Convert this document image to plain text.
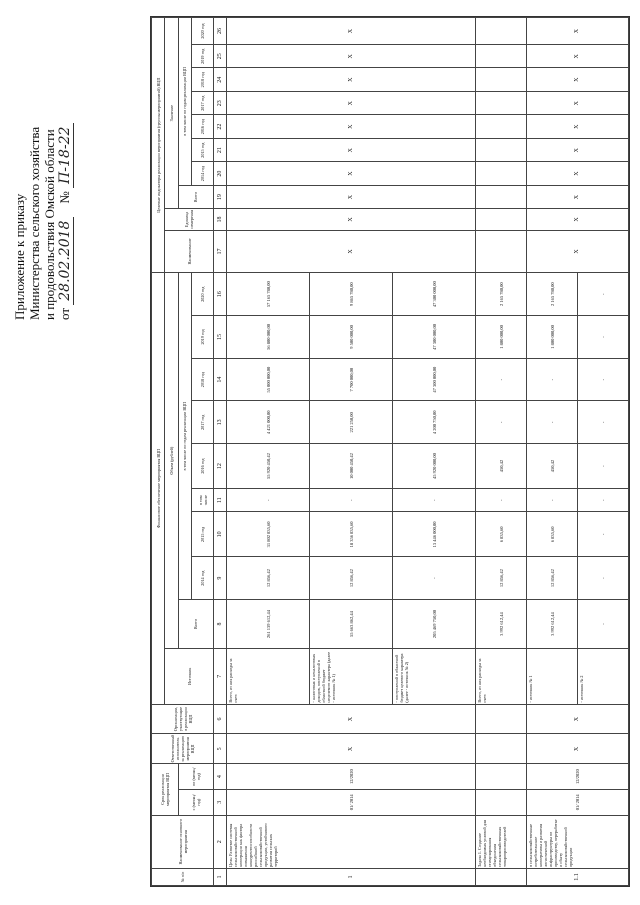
Приложение к приказу Министерства сельского хозяйства и продовольствия Омской области от 28.02.2018    № П-18-22
№ п/п	Наименование основного мероприятия	Срок реализации мероприятия ВЦП		Ответственный исполнитель за реализацию мероприятия ВЦП	Организации, участвующие в реализации ВЦП	Финансовое обеспечение мероприятия ВЦП										Целевые индикаторы реализации мероприятия (группы мероприятий) ВЦП									
						Источник	Объем (рублей)									Наименование	Единица измерения	Значение							
		с (месяц/год)	по (месяц/год)				Всего	в том числе по годам реализации ВЦП										Всего	в том числе по годам реализации ВЦП						
								2014 год	2015 год	в том числе	2016 год	2017 год	2018 год	2019 год	2020 год				2014 год	2015 год	2016 год	2017 год	2018 год	2019 год	2020 год
1	2	3	4	5	6	7	8	9	10	11	12	13	14	15	16	17	18	19	20	21	22	23	24	25	26
1	Цель: Развитие системы сельскохозяйственной кооперации как фактора повышения конкурентоспособности российской сельскохозяйственной продукции, устойчивого развития сельских территорий	01/ 2014	12/2020	X	X	Всего, из них расходы за счет:	261 139 612,44	12 856,42	31 802 835,60	-	55 920 450,42	4 421 000,00	55 000 000,00	56 800 000,00	57 165 780,00	X	X	X	X	X	X	X	X	X	X
						- налоговых и неналоговых доходов, поступлений в областной бюджет нецелевого характера (далее - источник № 1)	55 663 862,44	12 856,42	18 356 835,60	-	10 000 450,42	221 250,00	7 700 000,00	9 500 000,00	9 865 780,00										
						- поступлений в областной бюджет целевого характера (далее - источник № 2)	205 469 750,00	-	13 446 000,00	-	45 920 000,00	4 200 750,00	47 300 000,00	47 300 000,00	47 300 000,00										
	Задача 1. Создание необходимых условий для стимулирования объединения сельскохозяйственных товаропроизводителей					Всего, из них расходы за счет:	3 992 612,44	12 856,42	6 835,60	-	450,42	-	-	1 800 000,00	2 165 780,00										
1.1	в сельскохозяйственные потребительские кооперативы и развития логистической инфраструктуры по производству, переработке и сбыту сельскохозяйственной продукции	01/ 2014	12/2020	X	X	- источник № 1	3 992 612,44	12 856,42	6 835,60	-	450,42	-	-	1 800 000,00	2 165 780,00	X	X	X	X	X	X	X	X	X	X
						- источник № 2	-	-	-	-	-	-	-	-	-										
